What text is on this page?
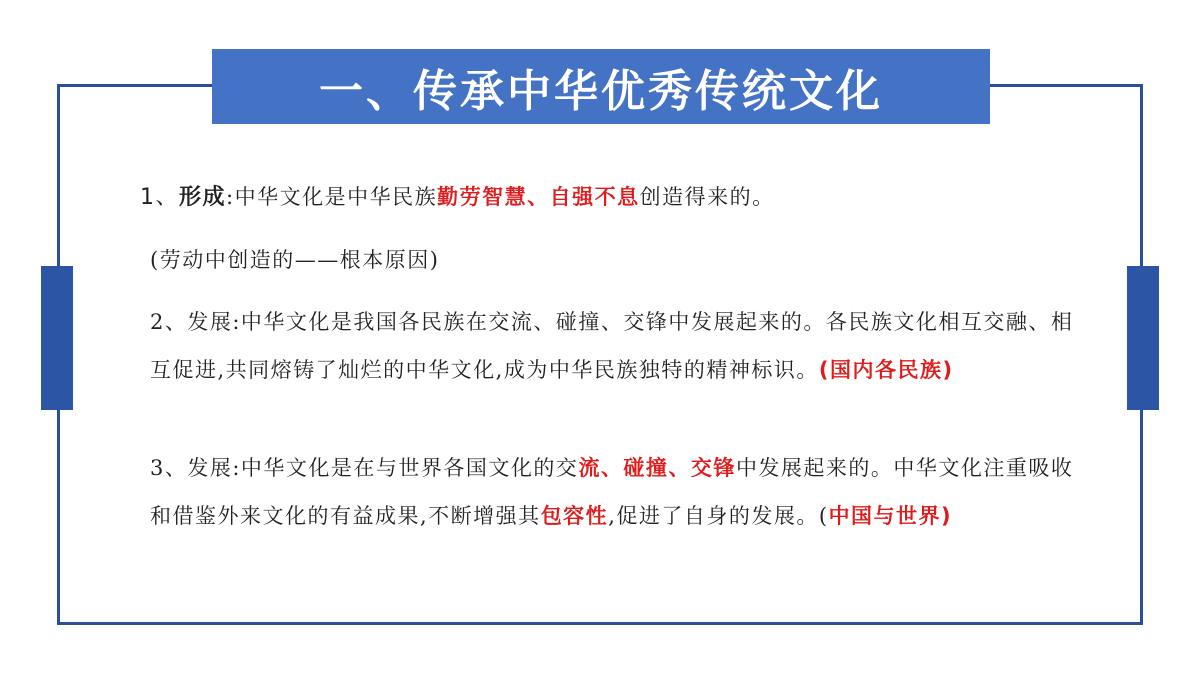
一、传承中华优秀传统文化
1、形成:中华文化是中华民族勤劳智慧、自强不息创造得来的。
(劳动中创造的——根本原因)
2、发展:中华文化是我国各民族在交流、碰撞、交锋中发展起来的。各民族文化相互交融、相互促进,共同熔铸了灿烂的中华文化,成为中华民族独特的精神标识。(国内各民族)
3、发展:中华文化是在与世界各国文化的交流、碰撞、交锋中发展起来的。中华文化注重吸收和借鉴外来文化的有益成果,不断增强其包容性,促进了自身的发展。(中国与世界)
